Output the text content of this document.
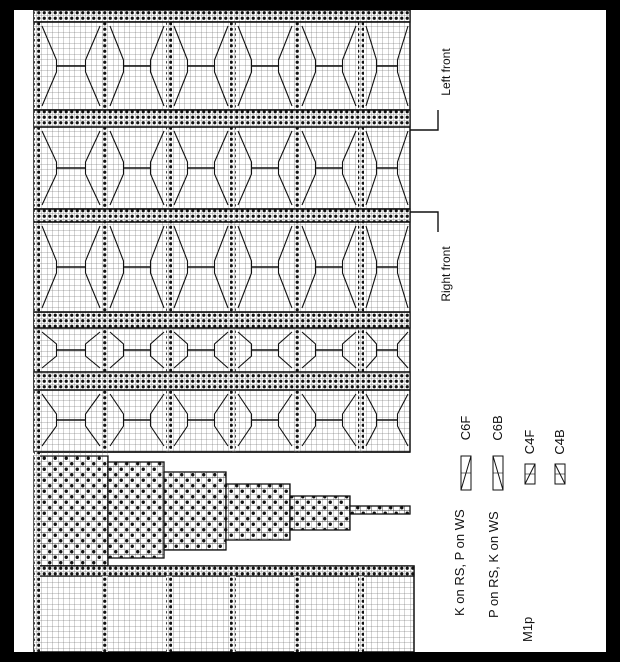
Left front
Right front
C6F C6B
C4F C4B
K on RS, P on WS P on RS, K on WS
M1p
